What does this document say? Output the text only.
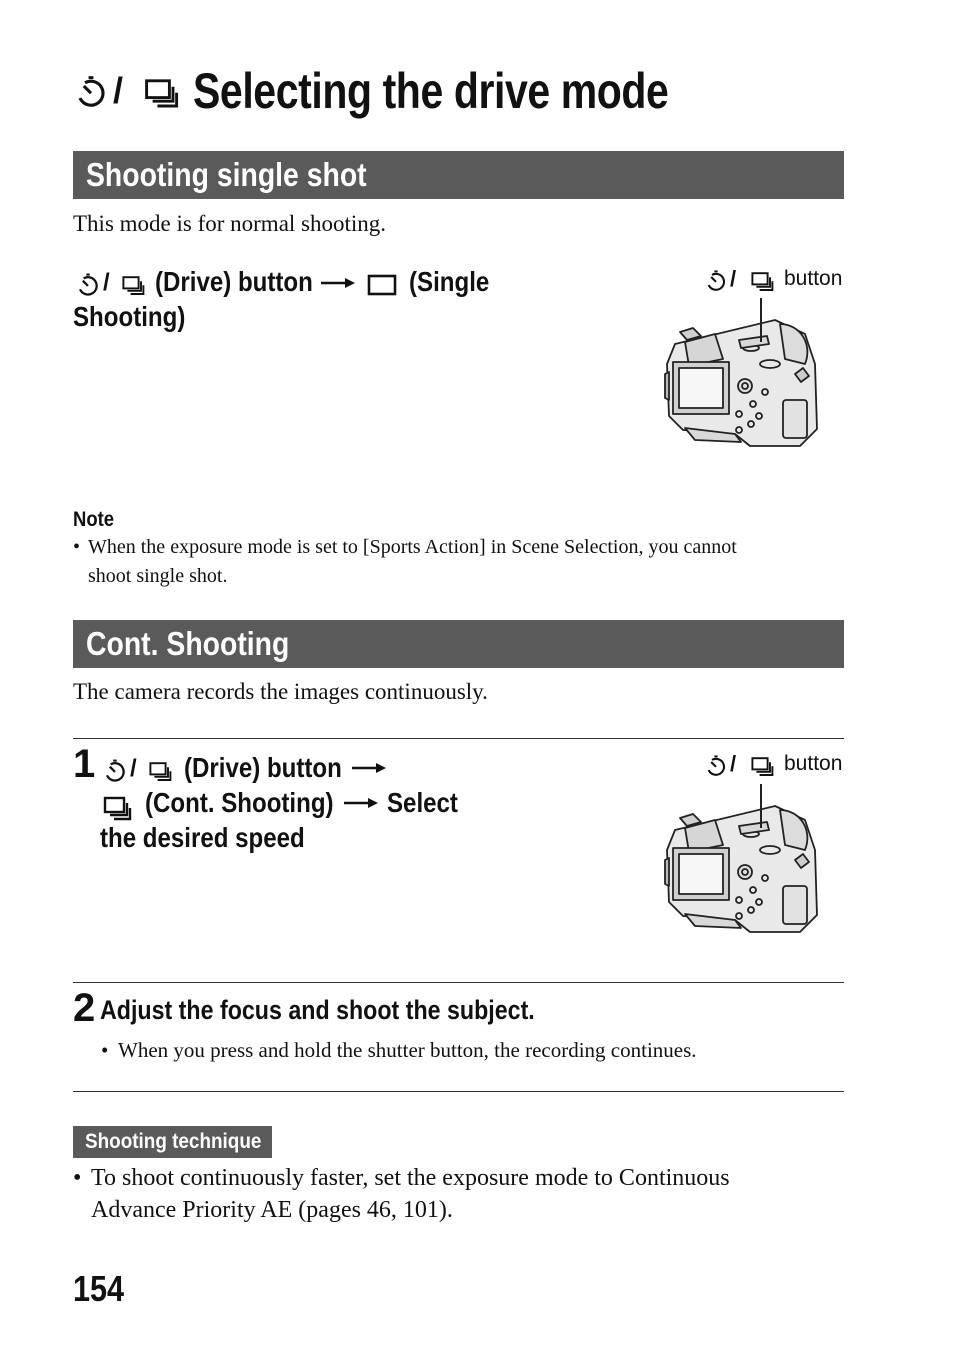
/ Selecting the drive mode
Shooting single shot
This mode is for normal shooting.
/ (Drive) button	(Single
Shooting)
/ button
Note
• When the exposure mode is set to [Sports Action] in Scene Selection, you cannot
shoot single shot.
Cont. Shooting
The camera records the images continuously.
1 / (Drive) button
(Cont. Shooting) Select
the desired speed
/ button
2 Adjust the focus and shoot the subject.
• When you press and hold the shutter button, the recording continues.
Shooting technique
• To shoot continuously faster, set the exposure mode to Continuous
Advance Priority AE (pages 46, 101).
154
